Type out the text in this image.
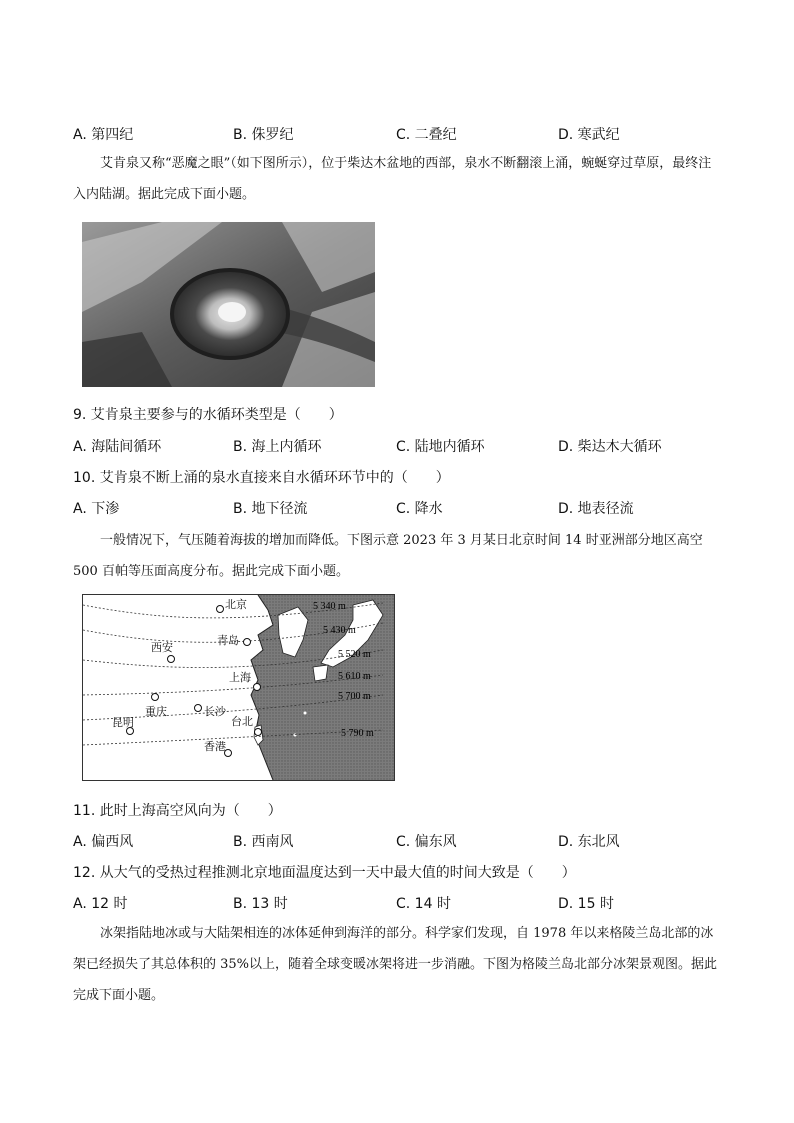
A. 第四纪	B. 侏罗纪	C. 二叠纪	D. 寒武纪

艾肯泉又称“恶魔之眼”（如下图所示），位于柴达木盆地的西部，泉水不断翻滚上涌，蜿蜒穿过草原，最终注入内陆湖。据此完成下面小题。

9. 艾肯泉主要参与的水循环类型是（　　）
A. 海陆间循环	B. 海上内循环	C. 陆地内循环	D. 柴达木大循环
10. 艾肯泉不断上涌的泉水直接来自水循环环节中的（　　）
A. 下渗	B. 地下径流	C. 降水	D. 地表径流

一般情况下，气压随着海拔的增加而降低。下图示意 2023 年 3 月某日北京时间 14 时亚洲部分地区高空 500 百帕等压面高度分布。据此完成下面小题。

5 340 m
5 430 m
5 520 m
5 610 m
5 700 m
5 790 m
北京
青岛
西安
上海
重庆	长沙
昆明	台北
香港
11. 此时上海高空风向为（　　）
A. 偏西风	B. 西南风	C. 偏东风	D. 东北风
12. 从大气的受热过程推测北京地面温度达到一天中最大值的时间大致是（　　）
A. 12 时	B. 13 时	C. 14 时	D. 15 时

冰架指陆地冰或与大陆架相连的冰体延伸到海洋的部分。科学家们发现，自 1978 年以来格陵兰岛北部的冰架已经损失了其总体积的 35%以上，随着全球变暖冰架将进一步消融。下图为格陵兰岛北部分冰架景观图。据此完成下面小题。
